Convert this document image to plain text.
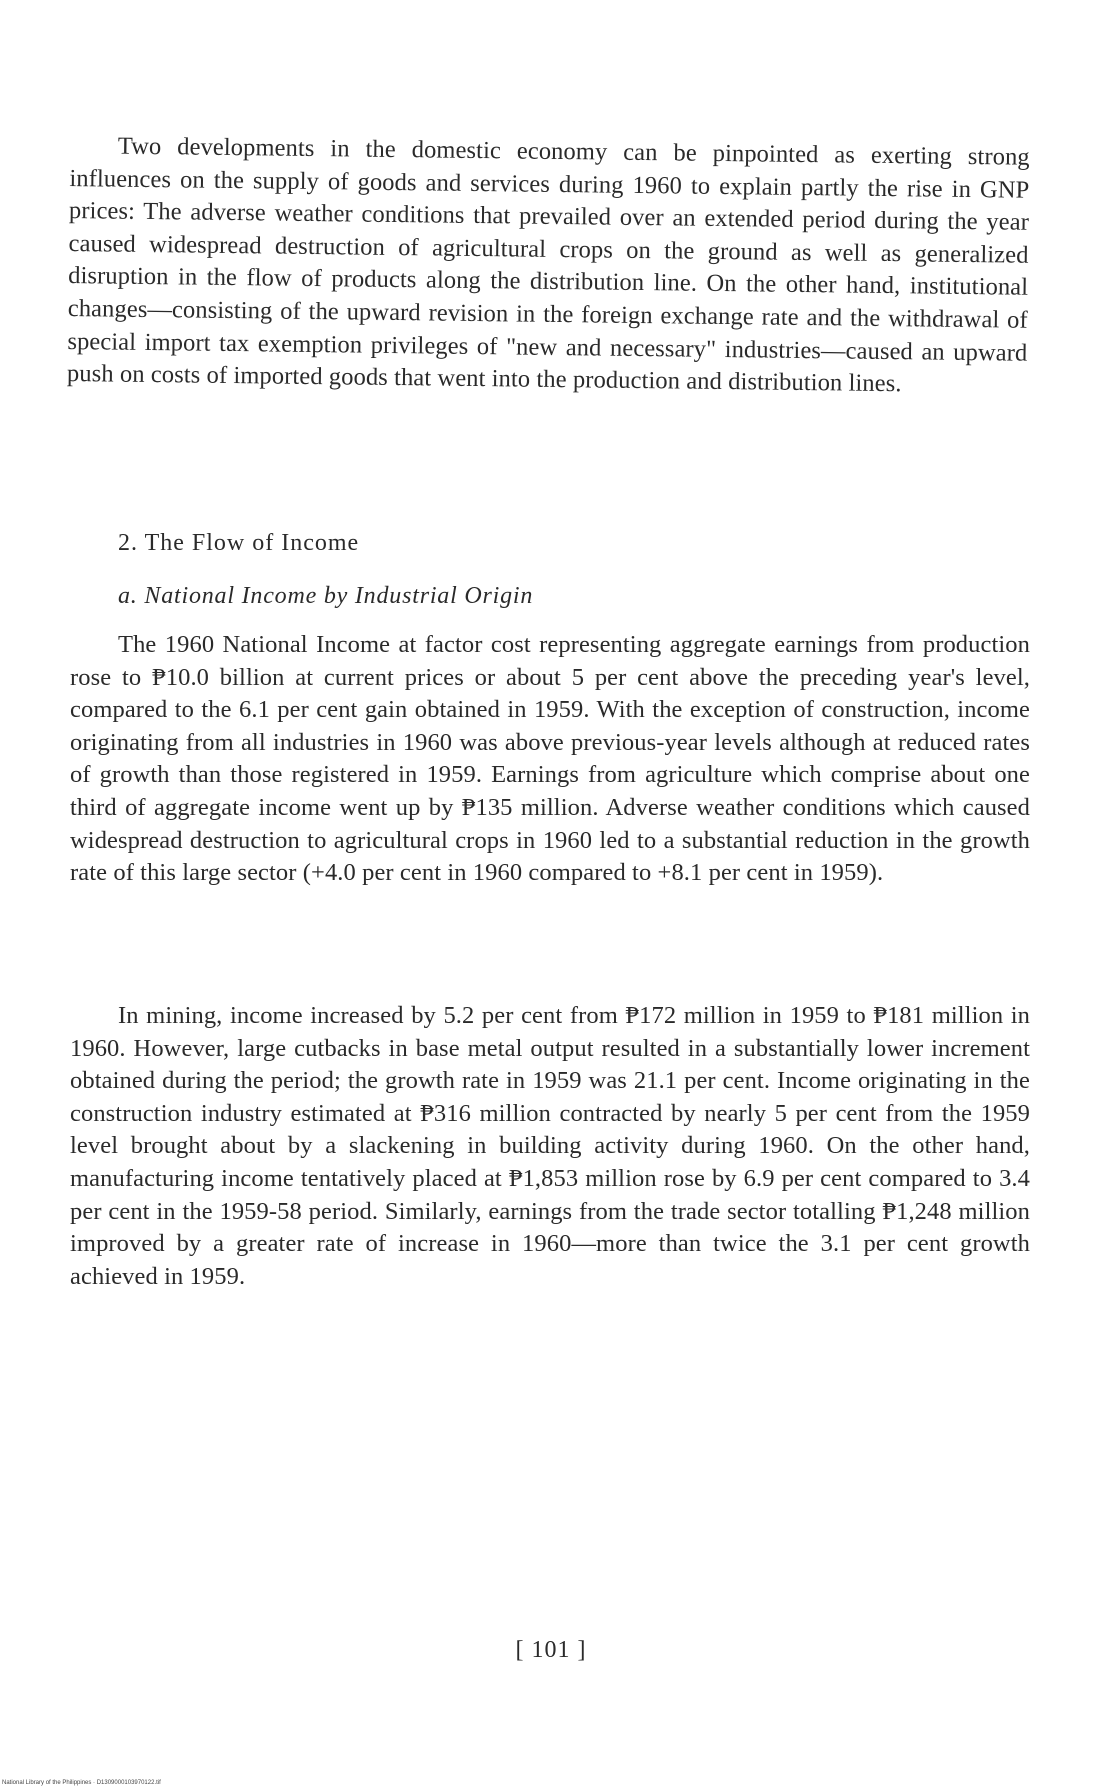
Two developments in the domestic economy can be pinpointed as exerting strong influences on the supply of goods and services during 1960 to explain partly the rise in GNP prices: The adverse weather conditions that prevailed over an extended period during the year caused widespread destruction of agricultural crops on the ground as well as generalized disruption in the flow of products along the distribution line. On the other hand, institutional changes—consisting of the upward revision in the foreign exchange rate and the withdrawal of special import tax exemption privileges of "new and necessary" industries—caused an upward push on costs of imported goods that went into the production and distribution lines.

2. The Flow of Income

a. National Income by Industrial Origin

The 1960 National Income at factor cost representing aggregate earnings from production rose to ₱10.0 billion at current prices or about 5 per cent above the preceding year's level, compared to the 6.1 per cent gain obtained in 1959. With the exception of construction, income originating from all industries in 1960 was above previous-year levels although at reduced rates of growth than those registered in 1959. Earnings from agriculture which comprise about one third of aggregate income went up by ₱135 million. Adverse weather conditions which caused widespread destruction to agricultural crops in 1960 led to a substantial reduction in the growth rate of this large sector (+4.0 per cent in 1960 compared to +8.1 per cent in 1959).

In mining, income increased by 5.2 per cent from ₱172 million in 1959 to ₱181 million in 1960. However, large cutbacks in base metal output resulted in a substantially lower increment obtained during the period; the growth rate in 1959 was 21.1 per cent. Income originating in the construction industry estimated at ₱316 million contracted by nearly 5 per cent from the 1959 level brought about by a slackening in building activity during 1960. On the other hand, manufacturing income tentatively placed at ₱1,853 million rose by 6.9 per cent compared to 3.4 per cent in the 1959-58 period. Similarly, earnings from the trade sector totalling ₱1,248 million improved by a greater rate of increase in 1960—more than twice the 3.1 per cent growth achieved in 1959.

[ 101 ]

National Library of the Philippines · D1309000103970122.tif
